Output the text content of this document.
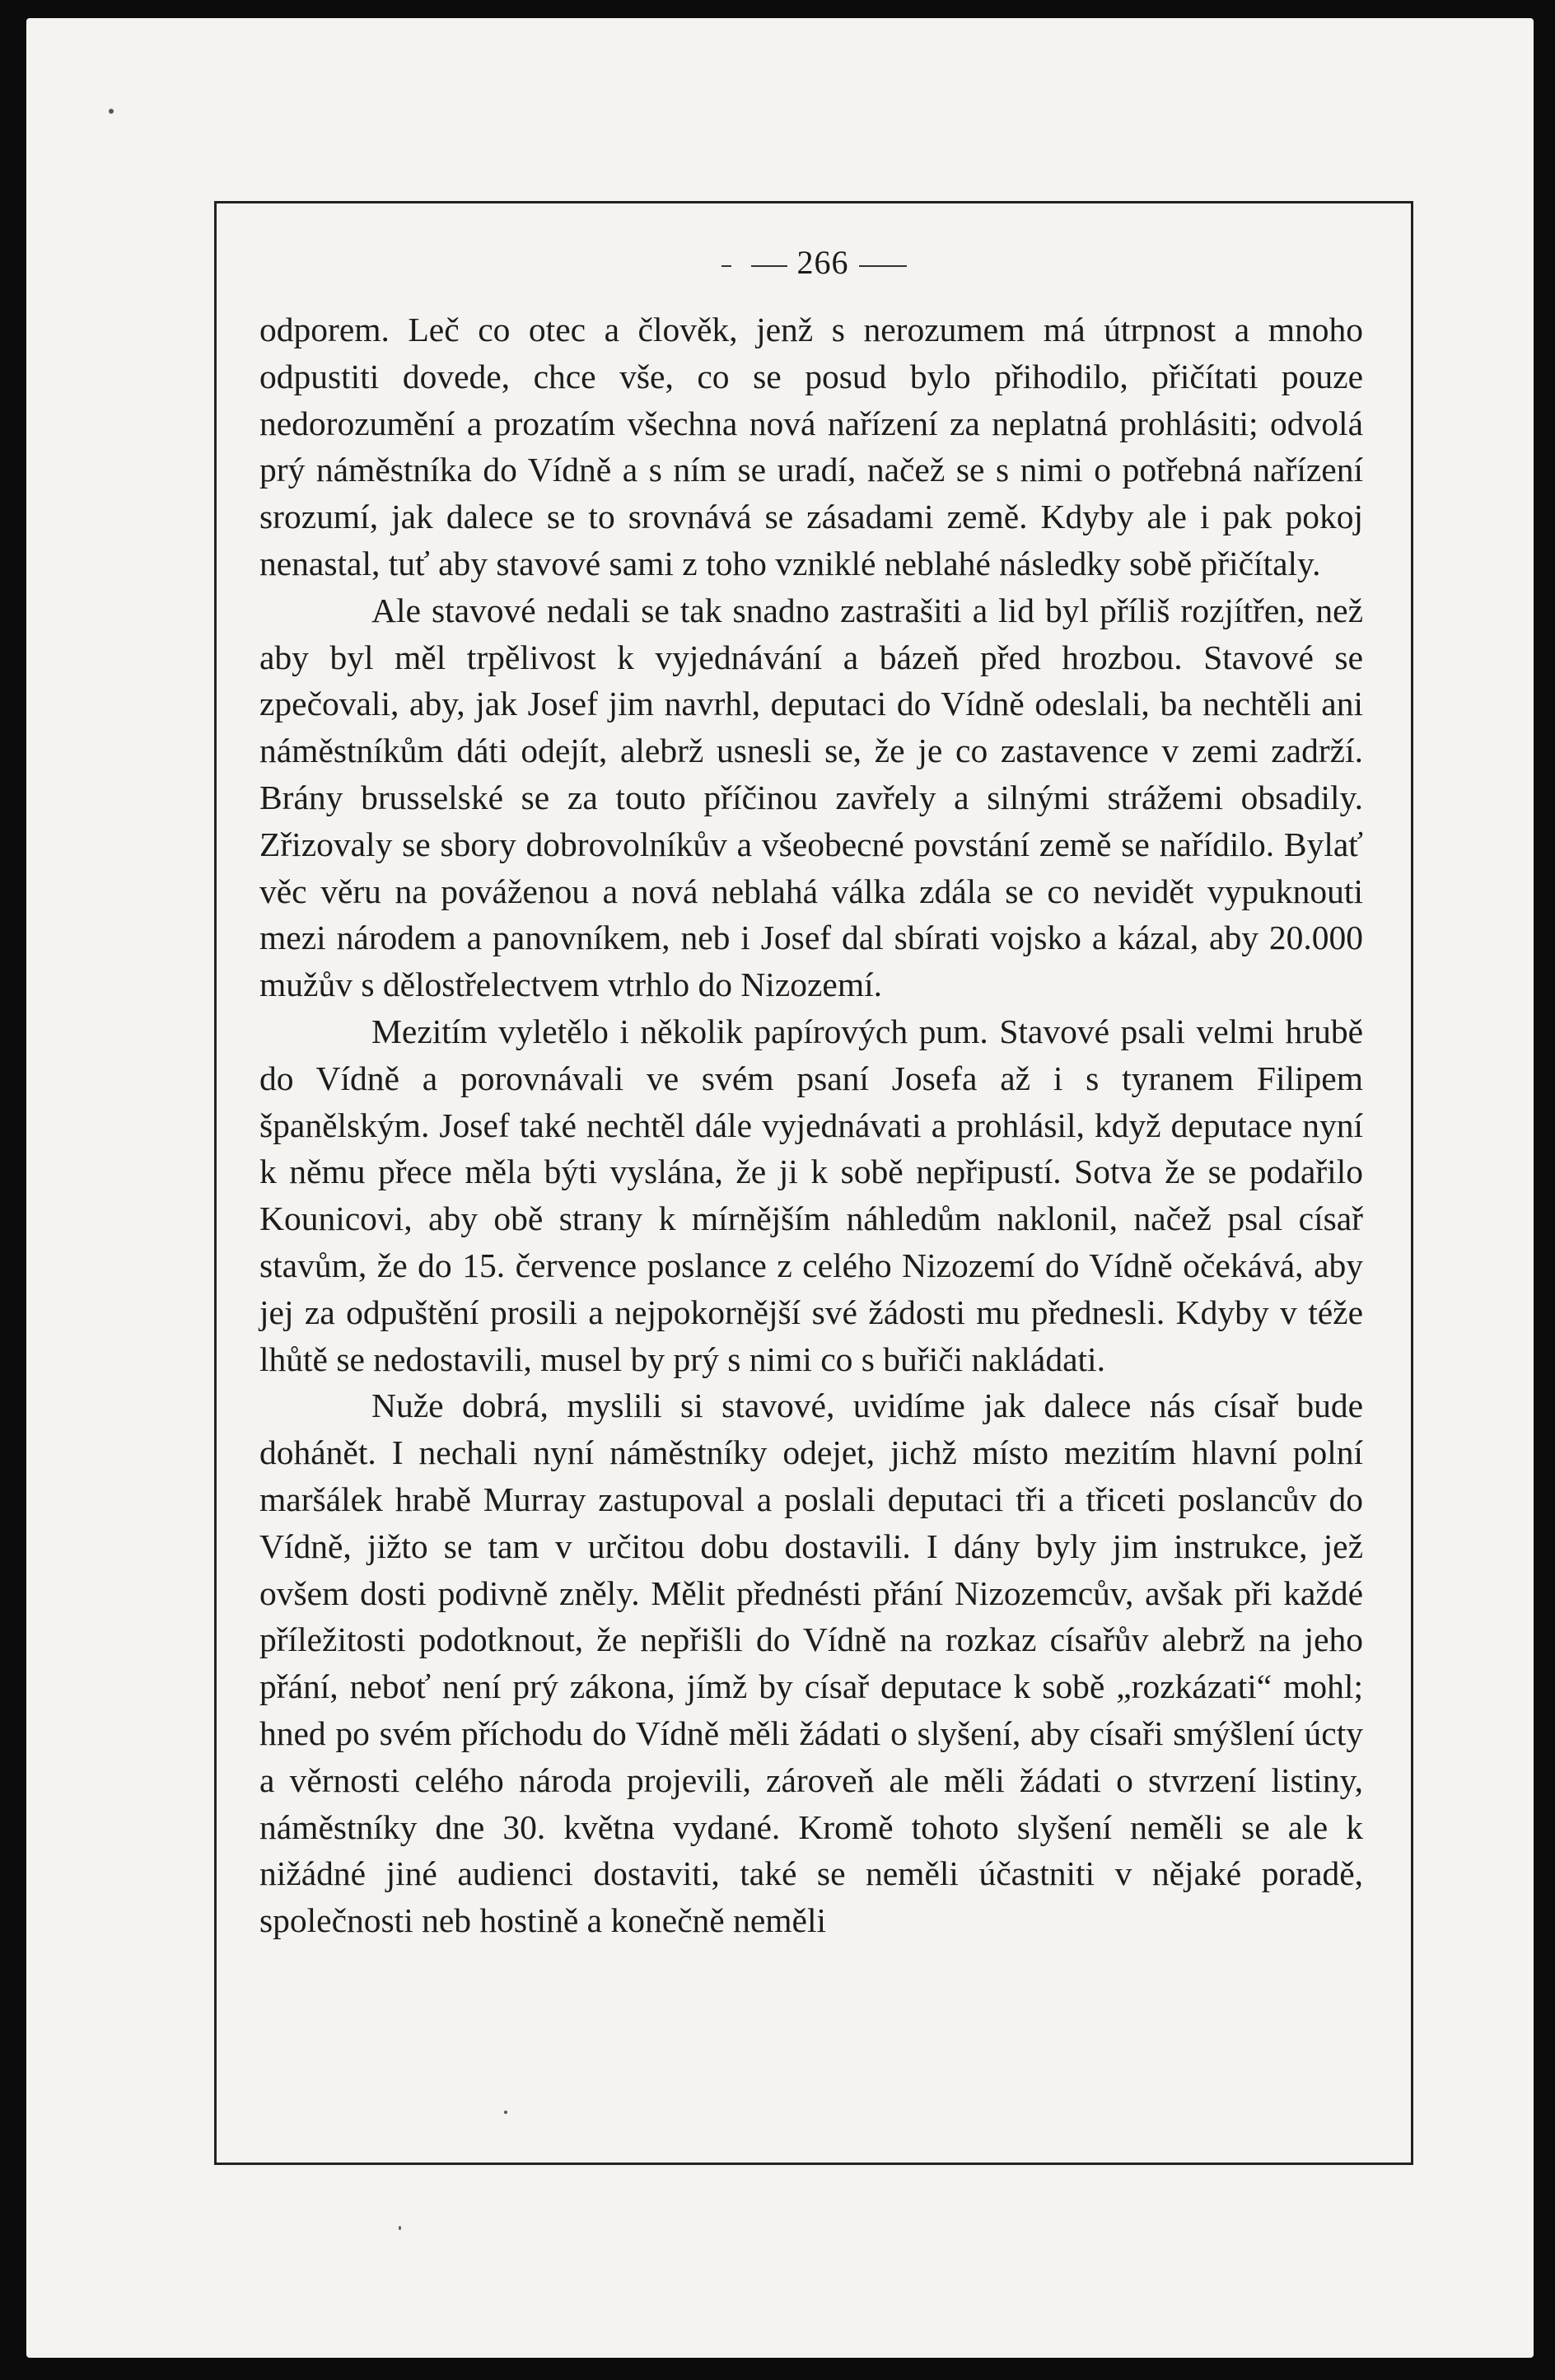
266

odporem. Leč co otec a člověk, jenž s nerozumem má útrpnost a mnoho odpustiti dovede, chce vše, co se posud bylo přihodilo, přičítati pouze nedorozumění a prozatím všechna nová nařízení za neplatná prohlásiti; odvolá prý náměstníka do Vídně a s ním se uradí, načež se s nimi o potřebná nařízení srozumí, jak dalece se to srovnává se zásadami země. Kdyby ale i pak pokoj nenastal, tuť aby stavové sami z toho vzniklé neblahé následky sobě přičítaly.

Ale stavové nedali se tak snadno zastrašiti a lid byl příliš rozjítřen, než aby byl měl trpělivost k vyjednávání a bázeň před hrozbou. Stavové se zpečovali, aby, jak Josef jim navrhl, deputaci do Vídně odeslali, ba nechtěli ani náměstníkům dáti odejít, alebrž usnesli se, že je co zastavence v zemi zadrží. Brány brusselské se za touto příčinou zavřely a silnými strážemi obsadily. Zřizovaly se sbory dobrovolníkův a všeobecné povstání země se nařídilo. Bylať věc věru na pováženou a nová neblahá válka zdála se co nevidět vypuknouti mezi národem a panovníkem, neb i Josef dal sbírati vojsko a kázal, aby 20.000 mužův s dělostřelectvem vtrhlo do Nizozemí.

Mezitím vyletělo i několik papírových pum. Stavové psali velmi hrubě do Vídně a porovnávali ve svém psaní Josefa až i s tyranem Filipem španělským. Josef také nechtěl dále vyjednávati a prohlásil, když deputace nyní k němu přece měla býti vyslána, že ji k sobě nepřipustí. Sotva že se podařilo Kounicovi, aby obě strany k mírnějším náhledům naklonil, načež psal císař stavům, že do 15. července poslance z celého Nizozemí do Vídně očekává, aby jej za odpuštění prosili a nejpokornější své žádosti mu přednesli. Kdyby v téže lhůtě se nedostavili, musel by prý s nimi co s buřiči nakládati.

Nuže dobrá, myslili si stavové, uvidíme jak dalece nás císař bude dohánět. I nechali nyní náměstníky odejet, jichž místo mezitím hlavní polní maršálek hrabě Murray zastupoval a poslali deputaci tři a třiceti poslancův do Vídně, jižto se tam v určitou dobu dostavili. I dány byly jim instrukce, jež ovšem dosti podivně zněly. Mělit přednésti přání Nizozemcův, avšak při každé příležitosti podotknout, že nepřišli do Vídně na rozkaz císařův alebrž na jeho přání, neboť není prý zákona, jímž by císař deputace k sobě „rozkázati“ mohl; hned po svém příchodu do Vídně měli žádati o slyšení, aby císaři smýšlení úcty a věrnosti celého národa projevili, zároveň ale měli žádati o stvrzení listiny, náměstníky dne 30. května vydané. Kromě tohoto slyšení neměli se ale k nižádné jiné audienci dostaviti, také se neměli účastniti v nějaké poradě, společnosti neb hostině a konečně neměli
